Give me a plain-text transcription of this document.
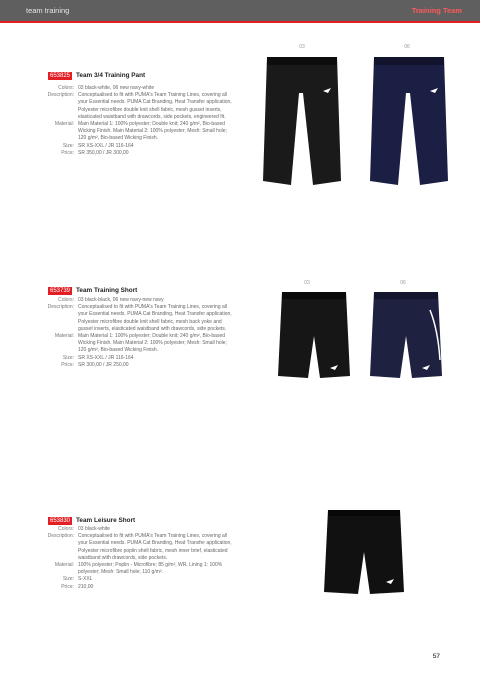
team training	Training Team
653825 Team 3/4 Training Pant
Colors: 03 black-white, 06 new navy-white
Description: Conceptualised to fit with PUMA's Team Training Lines, covering all your Essential needs. PUMA Cat Branding, Heat Transfer application, Polyester microfibre double knit shell fabric, mesh gusset inserts, elasticated waistband with drawcords, side pockets, engineered fit.
Material: Main Material 1: 100% polyester; Double knit; 240 g/m², Bio-based Wicking Finish. Main Material 2: 100% polyester; Mesh: Small hole; 120 g/m², Bio-based Wicking Finish.
Size: SR XS-XXL / JR 116-164
Price: SR 350,00 / JR 300,00
03	06
653739 Team Training Short
Colors: 03 black-black, 06 new navy-new navy
Description: Conceptualised to fit with PUMA's Team Training Lines, covering all your Essential needs. PUMA Cat Branding, Heat Transfer application, Polyester microfibre double knit shell fabric, mesh back yoke and gusset inserts, elasticated waistband with drawcords, side pockets.
Material: Main Material 1: 100% polyester; Double knit; 240 g/m², Bio-based Wicking Finish. Main Material 2: 100% polyester; Mesh: Small hole; 120 g/m², Bio-based Wicking Finish.
Size: SR XS-XXL / JR 116-164
Price: SR 300,00 / JR 250,00
03	06
653830 Team Leisure Short
Colors: 03 black-white
Description: Conceptualised to fit with PUMA's Team Training Lines, covering all your Essential needs. PUMA Cat Branding, Heat Transfer application, Polyester microfibre poplin shell fabric, mesh inner brief, elasticated waistband with drawcords, side pockets.
Material: 100% polyester; Poplin - Microfibre; 85 g/m², WR. Lining 1: 100% polyester; Mesh: Small hole; 110 g/m².
Size: S-XXL
Price: 210,00
57
